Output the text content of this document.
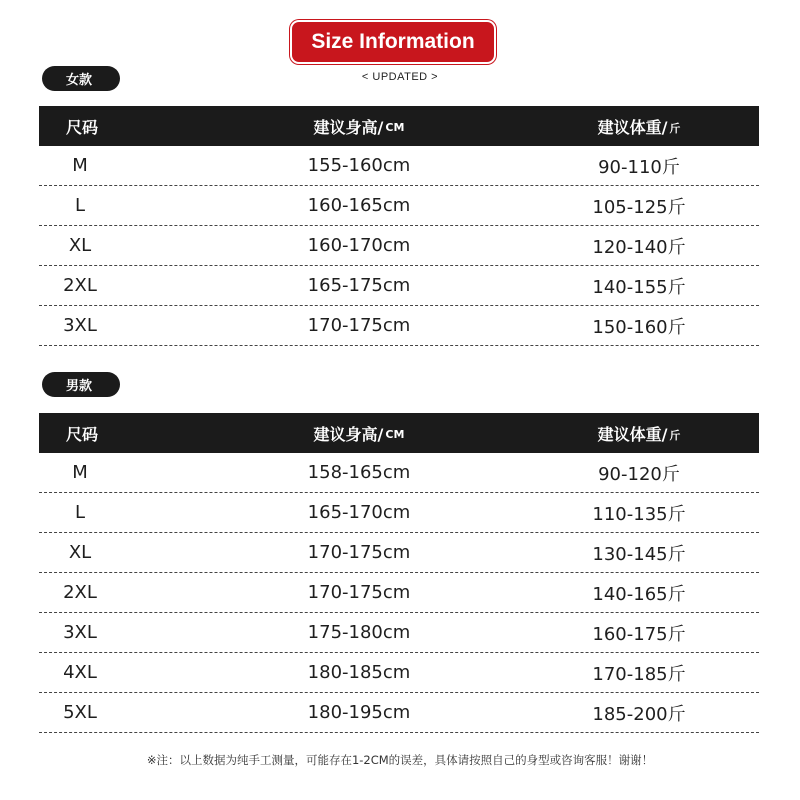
Size Information
< UPDATED >
女款
尺码	建议身高/ CM	建议体重/ 斤
M	155-160cm	90-110斤
L	160-165cm	105-125斤
XL	160-170cm	120-140斤
2XL	165-175cm	140-155斤
3XL	170-175cm	150-160斤
男款
尺码	建议身高/ CM	建议体重/ 斤
M	158-165cm	90-120斤
L	165-170cm	110-135斤
XL	170-175cm	130-145斤
2XL	170-175cm	140-165斤
3XL	175-180cm	160-175斤
4XL	180-185cm	170-185斤
5XL	180-195cm	185-200斤
※注：以上数据为纯手工测量，可能存在1-2CM的误差，具体请按照自己的身型或咨询客服！谢谢！
